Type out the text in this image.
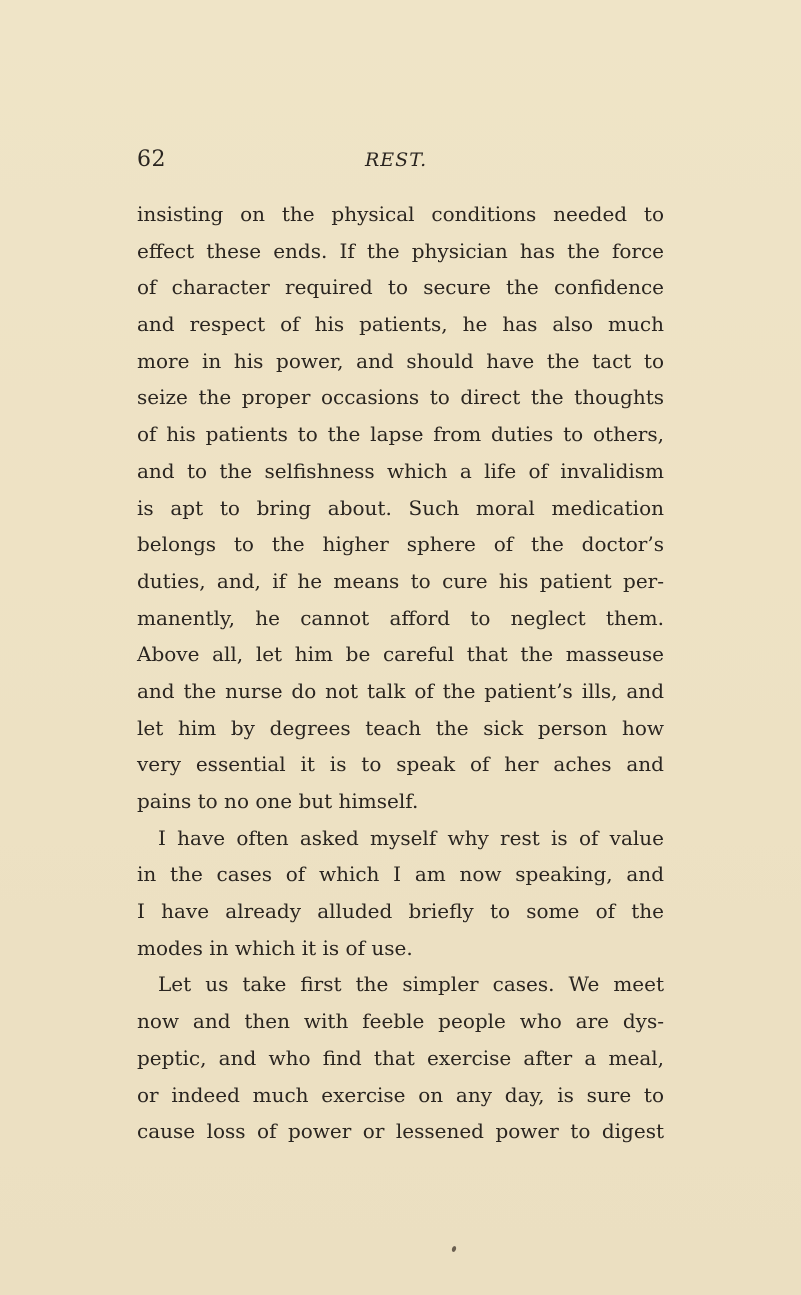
62	REST.
insisting on the physical conditions needed to
effect these ends. If the physician has the force
of character required to secure the confidence
and respect of his patients, he has also much
more in his power, and should have the tact to
seize the proper occasions to direct the thoughts
of his patients to the lapse from duties to others,
and to the selfishness which a life of invalidism
is apt to bring about. Such moral medication
belongs to the higher sphere of the doctor’s
duties, and, if he means to cure his patient per-
manently, he cannot afford to neglect them.
Above all, let him be careful that the masseuse
and the nurse do not talk of the patient’s ills, and
let him by degrees teach the sick person how
very essential it is to speak of her aches and
pains to no one but himself.
I have often asked myself why rest is of value
in the cases of which I am now speaking, and
I have already alluded briefly to some of the
modes in which it is of use.
Let us take first the simpler cases. We meet
now and then with feeble people who are dys-
peptic, and who find that exercise after a meal,
or indeed much exercise on any day, is sure to
cause loss of power or lessened power to digest
